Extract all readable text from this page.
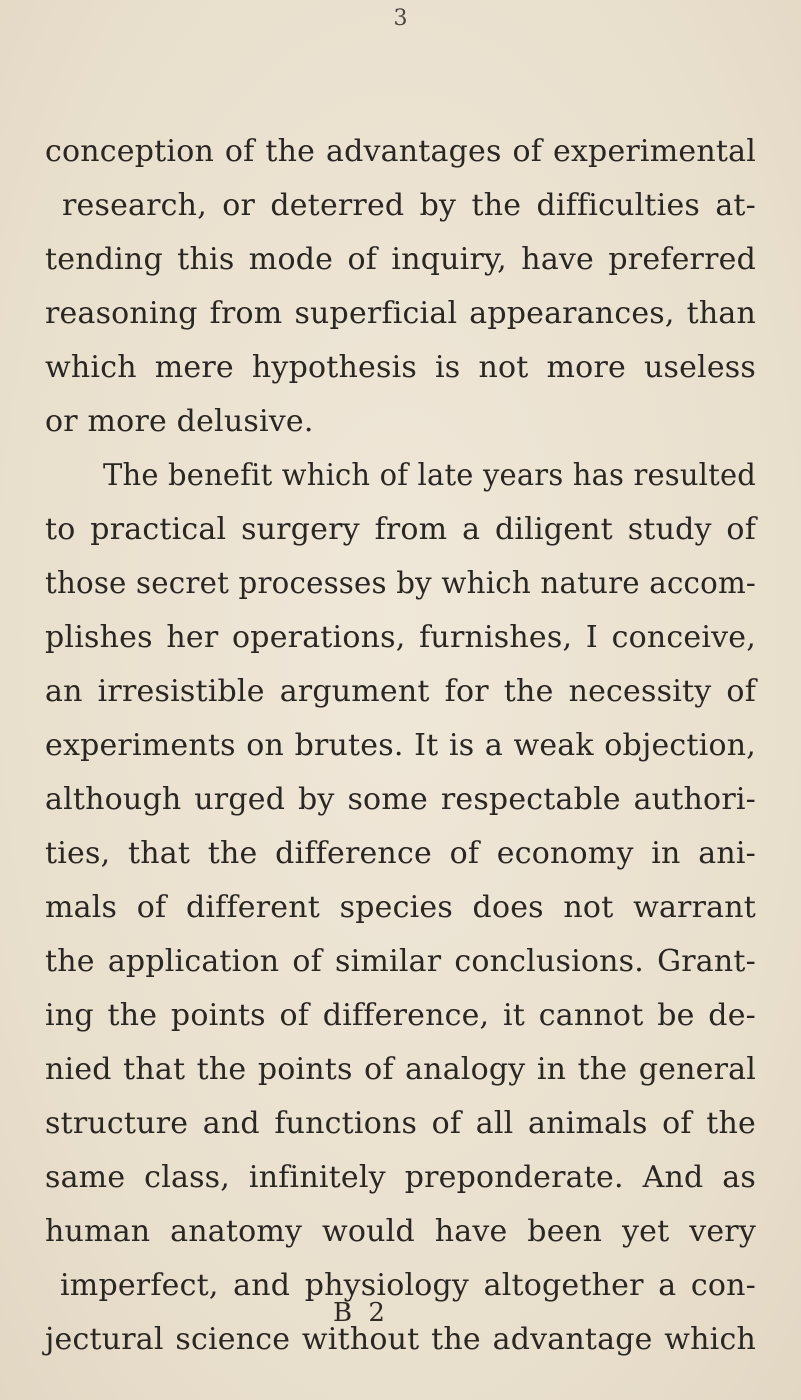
3
conception of the advantages of experimental
research, or deterred by the difficulties at-
tending this mode of inquiry, have preferred
reasoning from superficial appearances, than
which mere hypothesis is not more useless
or more delusive.
The benefit which of late years has resulted
to practical surgery from a diligent study of
those secret processes by which nature accom-
plishes her operations, furnishes, I conceive,
an irresistible argument for the necessity of
experiments on brutes. It is a weak objection,
although urged by some respectable authori-
ties, that the difference of economy in ani-
mals of different species does not warrant
the application of similar conclusions. Grant-
ing the points of difference, it cannot be de-
nied that the points of analogy in the general
structure and functions of all animals of the
same class, infinitely preponderate. And as
human anatomy would have been yet very
imperfect, and physiology altogether a con-
jectural science without the advantage which
B 2
